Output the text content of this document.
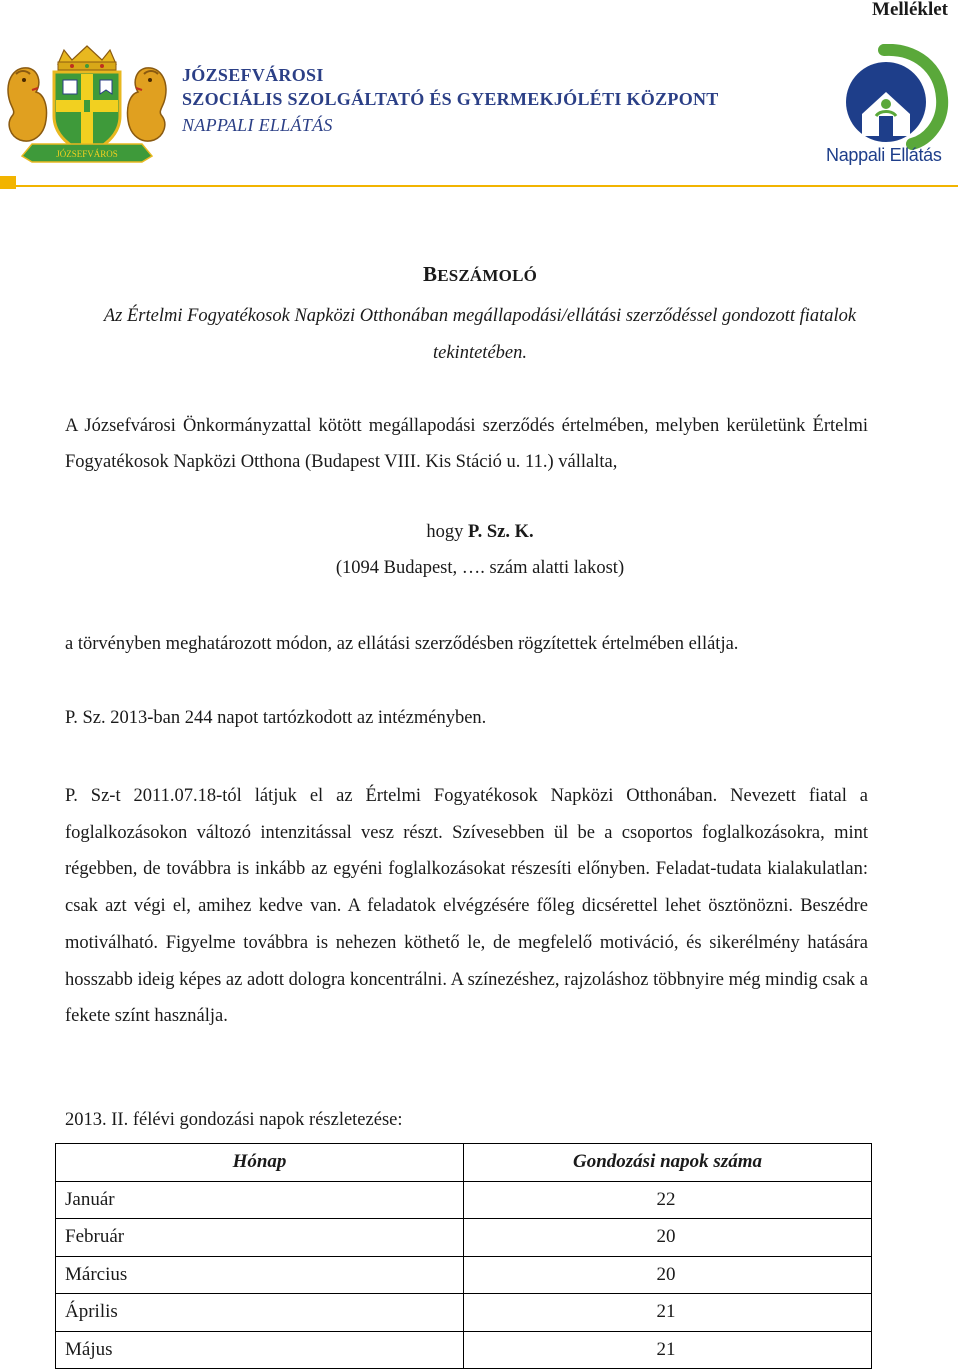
Melléklet
JÓZSEFVÁROS
JÓZSEFVÁROSI
SZOCIÁLIS SZOLGÁLTATÓ ÉS GYERMEKJÓLÉTI KÖZPONT
NAPPALI ELLÁTÁS
Nappali Ellátás
BESZÁMOLÓ
Az Értelmi Fogyatékosok Napközi Otthonában megállapodási/ellátási szerződéssel gondozott fiatalok tekintetében.
A Józsefvárosi Önkormányzattal kötött megállapodási szerződés értelmében, melyben kerületünk Értelmi Fogyatékosok Napközi Otthona (Budapest VIII. Kis Stáció u. 11.) vállalta,
hogy P. Sz. K.
(1094 Budapest, …. szám alatti lakost)
a törvényben meghatározott módon, az ellátási szerződésben rögzítettek értelmében ellátja.
P. Sz. 2013-ban 244 napot tartózkodott az intézményben.
P. Sz-t 2011.07.18-tól látjuk el az Értelmi Fogyatékosok Napközi Otthonában. Nevezett fiatal a foglalkozásokon változó intenzitással vesz részt. Szívesebben ül be a csoportos foglalkozásokra, mint régebben, de továbbra is inkább az egyéni foglalkozásokat részesíti előnyben. Feladat-tudata kialakulatlan: csak azt végi el, amihez kedve van. A feladatok elvégzésére főleg dicsérettel lehet ösztönözni. Beszédre motiválható. Figyelme továbbra is nehezen köthető le, de megfelelő motiváció, és sikerélmény hatására hosszabb ideig képes az adott dologra koncentrálni. A színezéshez, rajzoláshoz többnyire még mindig csak a fekete színt használja.
2013. II. félévi gondozási napok részletezése:
Hónap	Gondozási napok száma
Január	22
Február	20
Március	20
Április	21
Május	21
